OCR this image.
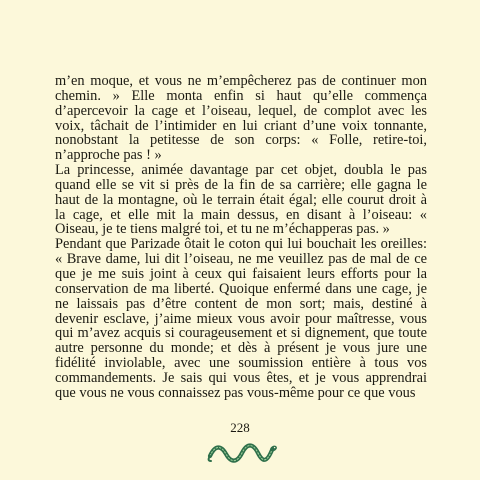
m’en moque, et vous ne m’empêcherez pas de continuer mon chemin. » Elle monta enfin si haut qu’elle commença d’apercevoir la cage et l’oiseau, lequel, de complot avec les voix, tâchait de l’intimider en lui criant d’une voix tonnante, nonobstant la petitesse de son corps: « Folle, retire-toi, n’approche pas ! »

La princesse, animée davantage par cet objet, doubla le pas quand elle se vit si près de la fin de sa carrière; elle gagna le haut de la montagne, où le terrain était égal; elle courut droit à la cage, et elle mit la main dessus, en disant à l’oiseau: « Oiseau, je te tiens malgré toi, et tu ne m’échapperas pas. »

Pendant que Parizade ôtait le coton qui lui bouchait les oreilles: « Brave dame, lui dit l’oiseau, ne me veuillez pas de mal de ce que je me suis joint à ceux qui faisaient leurs efforts pour la conservation de ma liberté. Quoique enfermé dans une cage, je ne laissais pas d’être content de mon sort; mais, destiné à devenir esclave, j’aime mieux vous avoir pour maîtresse, vous qui m’avez acquis si courageusement et si dignement, que toute autre personne du monde; et dès à présent je vous jure une fidélité inviolable, avec une soumission entière à tous vos commandements. Je sais qui vous êtes, et je vous apprendrai que vous ne vous connaissez pas vous-même pour ce que vous

228
